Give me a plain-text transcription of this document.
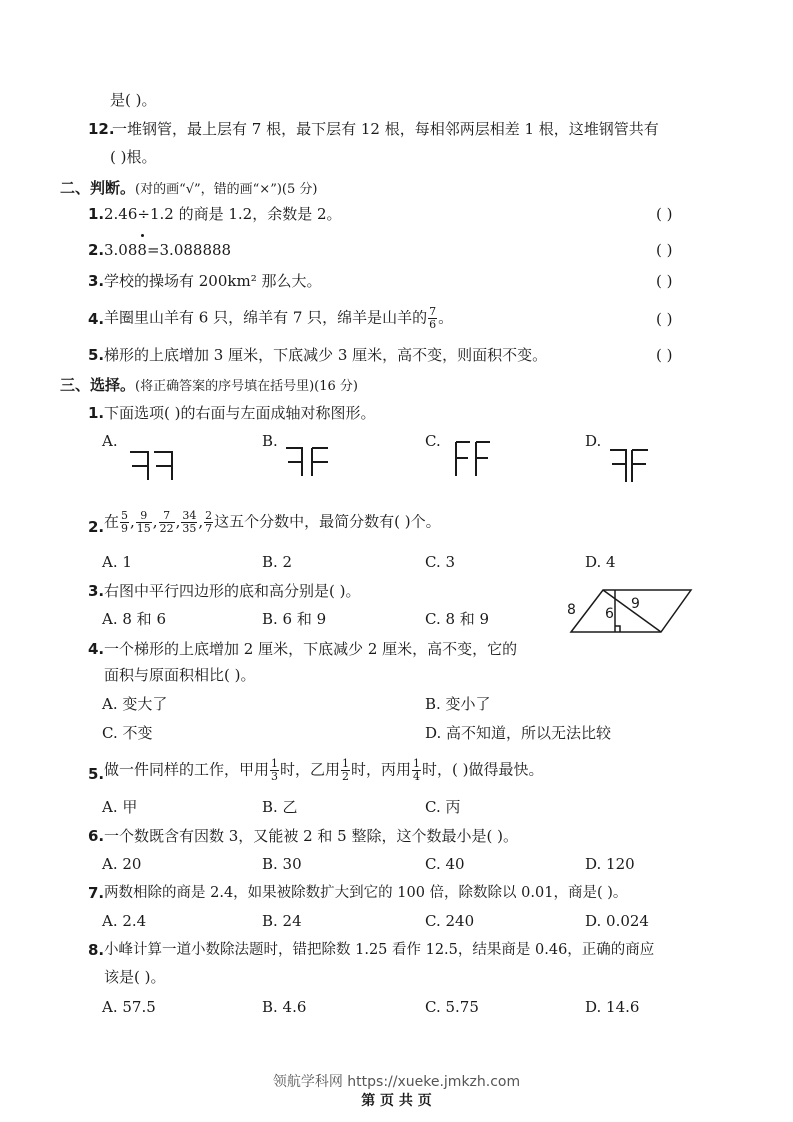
是( )。
12.
一堆钢管，最上层有 7 根，最下层有 12 根，每相邻两层相差 1 根，这堆钢管共有
( )根。
二、判断。(对的画“√”，错的画“×”)(5 分)
1. 2.46÷1.2 的商是 1.2，余数是 2。	( )
2. 3.088=3.088888	( )
3. 学校的操场有 200km² 那么大。	( )
4. 羊圈里山羊有 6 只，绵羊有 7 只，绵羊是山羊的 $\frac{7}{6}$ 。	( )
5. 梯形的上底增加 3 厘米，下底减少 3 厘米，高不变，则面积不变。	( )
三、选择。(将正确答案的序号填在括号里)(16 分)
1. 下面选项( )的右面与左面成轴对称图形。
A.	B.	C.	D.
2. 在 $\frac{5}{9}$ , $\frac{9}{15}$ , $\frac{7}{22}$ , $\frac{34}{35}$ , $\frac{2}{7}$ 这五个分数中，最简分数有( )个。
A. 1	B. 2	C. 3	D. 4
3. 右图中平行四边形的底和高分别是( )。
A. 8 和 6	B. 6 和 9	C. 8 和 9	8 6
9
4. 一个梯形的上底增加 2 厘米，下底减少 2 厘米，高不变，它的
面积与原面积相比( )。
A. 变大了	B. 变小了
C. 不变	D. 高不知道，所以无法比较
5. 做一件同样的工作，甲用 $\frac{1}{3}$ 时，乙用 $\frac{1}{2}$ 时，丙用 $\frac{1}{4}$ 时，( )做得最快。
A. 甲	B. 乙	C. 丙
6. 一个数既含有因数 3，又能被 2 和 5 整除，这个数最小是( )。
A. 20	B. 30	C. 40	D. 120
7. 两数相除的商是 2.4，如果被除数扩大到它的 100 倍，除数除以 0.01，商是( )。
A. 2.4	B. 24	C. 240	D. 0.024
8. 小峰计算一道小数除法题时，错把除数 1.25 看作 12.5，结果商是 0.46，正确的商应
该是( )。
A. 57.5	B. 4.6	C. 5.75	D. 14.6
领航学科网 https://xueke.jmkzh.com
第 页 共 页
